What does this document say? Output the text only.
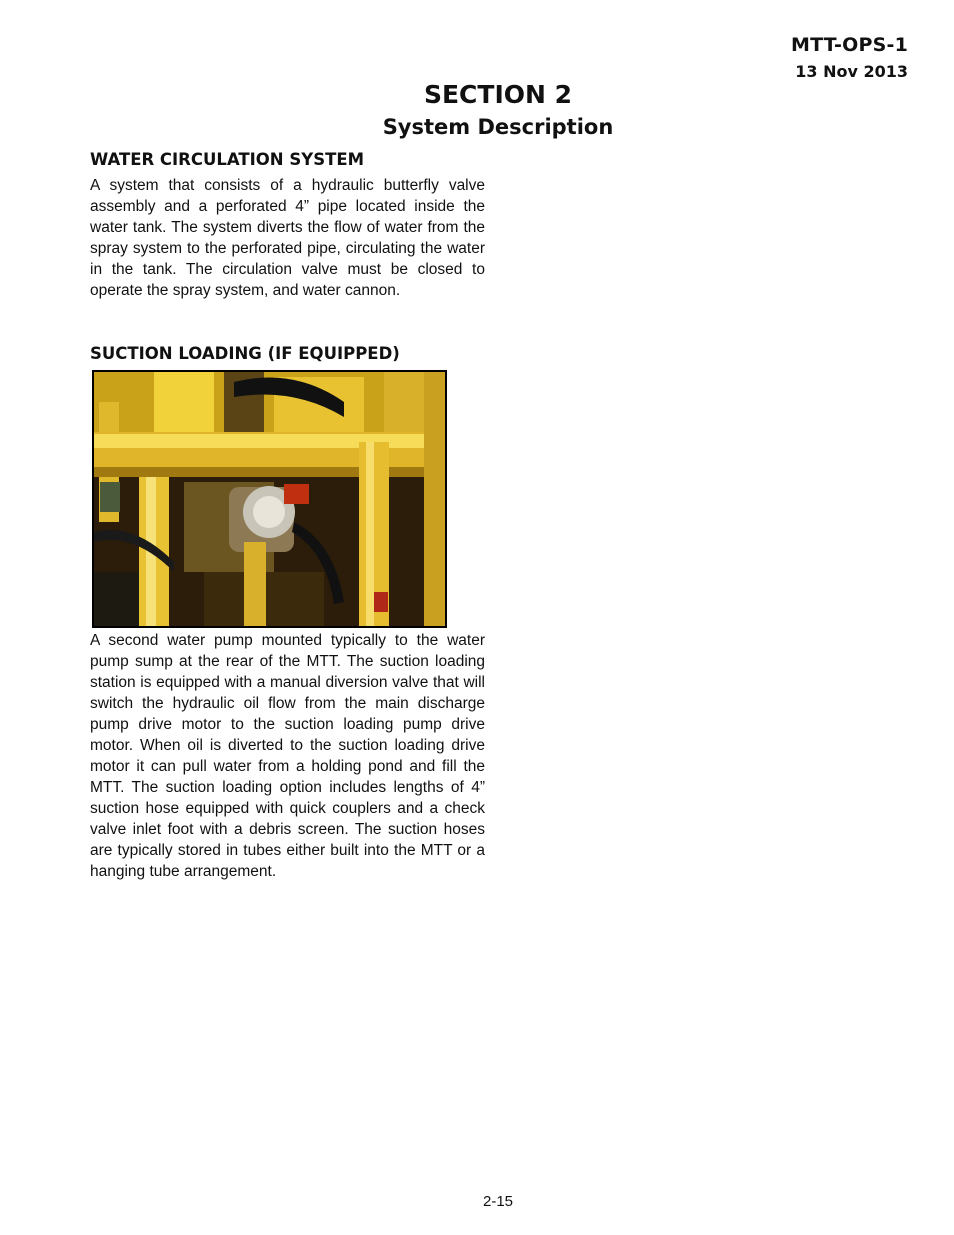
MTT-OPS-1
13 Nov 2013
SECTION 2
System Description
WATER CIRCULATION SYSTEM

A system that consists of a hydraulic butterfly valve assembly and a perforated 4” pipe located inside the water tank. The system diverts the flow of water from the spray system to the perforated pipe, circulating the water in the tank. The circulation valve must be closed to operate the spray system, and water cannon.

SUCTION LOADING (IF EQUIPPED)

A second water pump mounted typically to the water pump sump at the rear of the MTT. The suction loading station is equipped with a manual diversion valve that will switch the hydraulic oil flow from the main discharge pump drive motor to the suction loading pump drive motor. When oil is diverted to the suction loading drive motor it can pull water from a holding pond and fill the MTT. The suction loading option includes lengths of 4” suction hose equipped with quick couplers and a check valve inlet foot with a debris screen. The suction hoses are typically stored in tubes either built into the MTT or a hanging tube arrangement.

2-15
